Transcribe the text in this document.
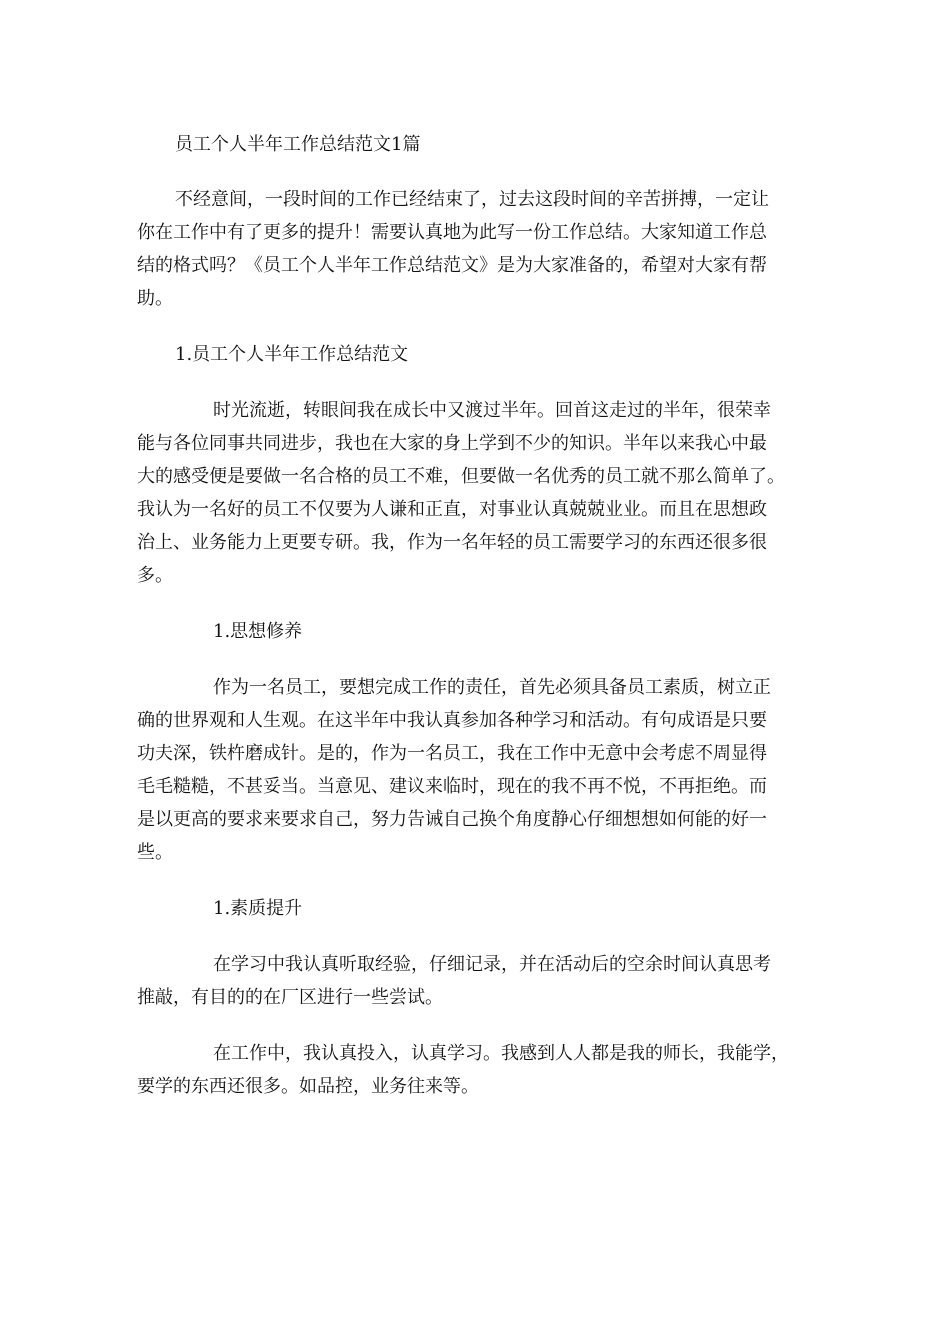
员工个人半年工作总结范文1篇
不经意间，一段时间的工作已经结束了，过去这段时间的辛苦拼搏，一定让
你在工作中有了更多的提升！需要认真地为此写一份工作总结。大家知道工作总
结的格式吗？《员工个人半年工作总结范文》是为大家准备的，希望对大家有帮
助。
1.员工个人半年工作总结范文
时光流逝，转眼间我在成长中又渡过半年。回首这走过的半年，很荣幸
能与各位同事共同进步，我也在大家的身上学到不少的知识。半年以来我心中最
大的感受便是要做一名合格的员工不难，但要做一名优秀的员工就不那么简单了。
我认为一名好的员工不仅要为人谦和正直，对事业认真兢兢业业。而且在思想政
治上、业务能力上更要专研。我，作为一名年轻的员工需要学习的东西还很多很
多。
1.思想修养
作为一名员工，要想完成工作的责任，首先必须具备员工素质，树立正
确的世界观和人生观。在这半年中我认真参加各种学习和活动。有句成语是只要
功夫深，铁杵磨成针。是的，作为一名员工，我在工作中无意中会考虑不周显得
毛毛糙糙，不甚妥当。当意见、建议来临时，现在的我不再不悦，不再拒绝。而
是以更高的要求来要求自己，努力告诫自己换个角度静心仔细想想如何能的好一
些。
1.素质提升
在学习中我认真听取经验，仔细记录，并在活动后的空余时间认真思考
推敲，有目的的在厂区进行一些尝试。
在工作中，我认真投入，认真学习。我感到人人都是我的师长，我能学，
要学的东西还很多。如品控，业务往来等。
